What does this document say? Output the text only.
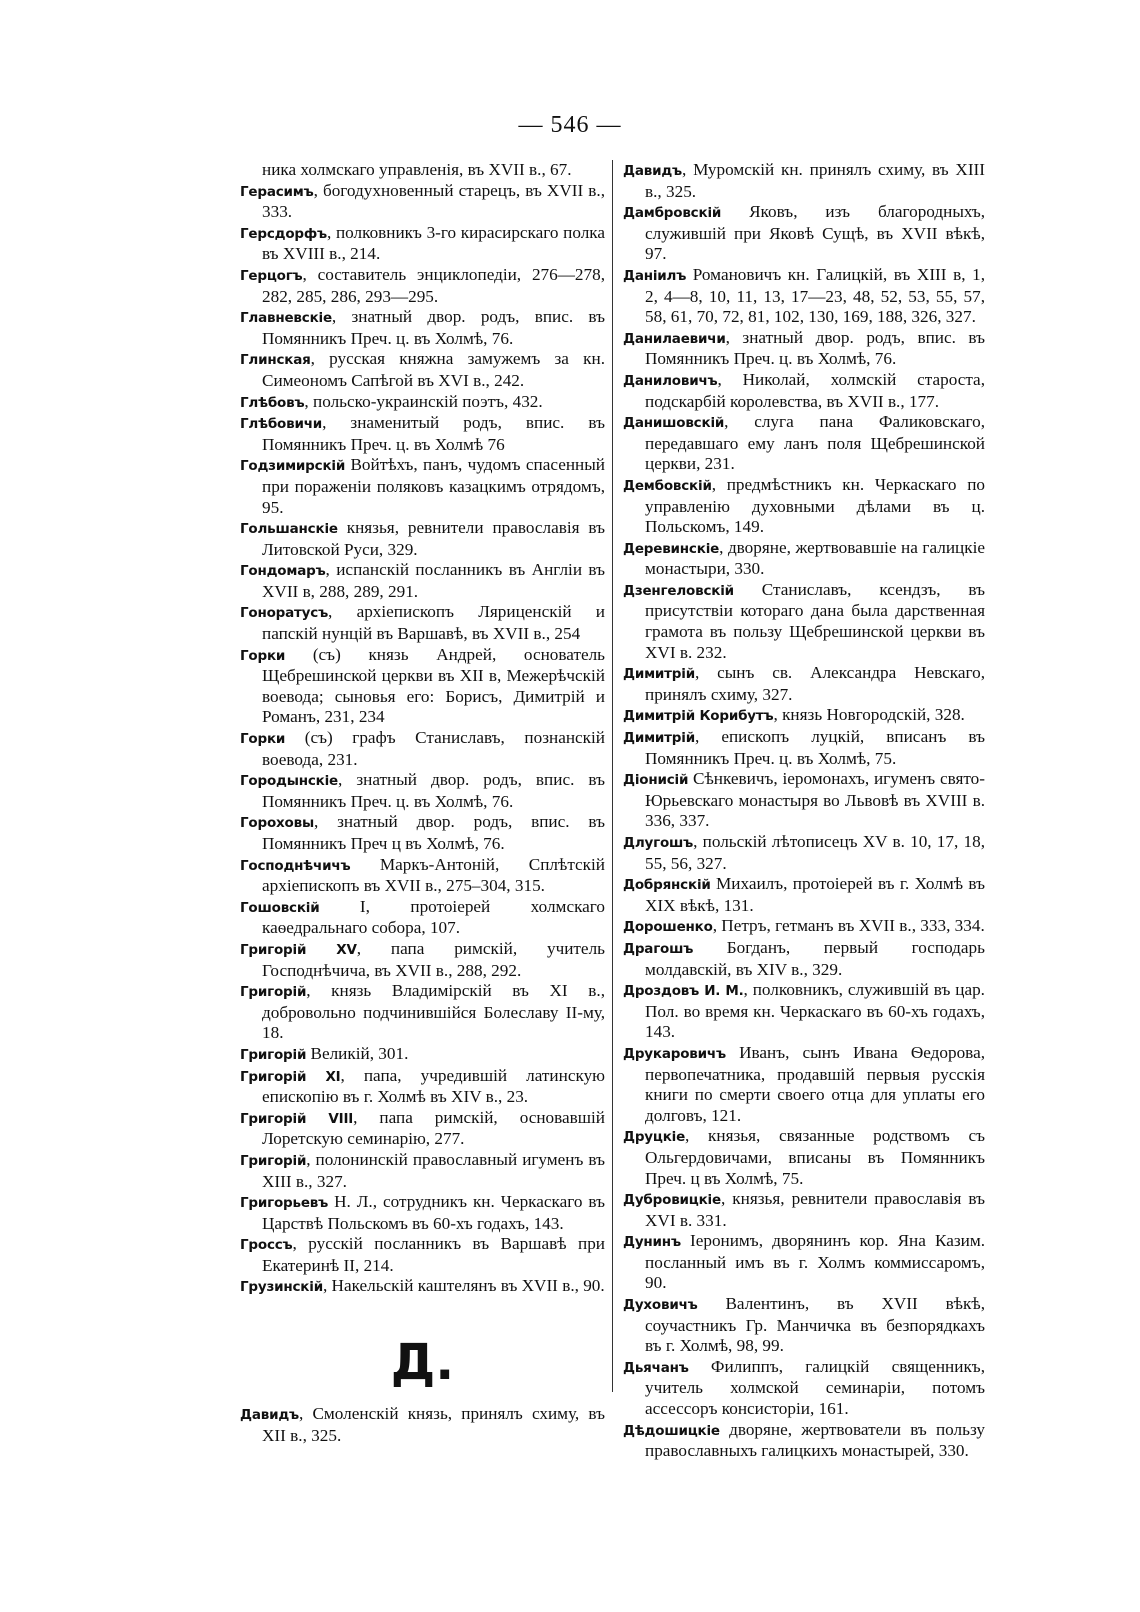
— 546 —

ника холмскаго управленія, въ XVII в., 67.

Герасимъ, богодухновенный старецъ, въ XVII в., 333.

Герсдорфъ, полковникъ 3-го кирасирскаго полка въ XVIII в., 214.

Герцогъ, составитель энциклопедіи, 276—278, 282, 285, 286, 293—295.

Главневскіе, знатный двор. родъ, впис. въ Помянникъ Преч. ц. въ Холмѣ, 76.

Глинская, русская княжна замужемъ за кн. Симеономъ Сапѣгой въ XVI в., 242.

Глѣбовъ, польско-украинскій поэтъ, 432.

Глѣбовичи, знаменитый родъ, впис. въ Помянникъ Преч. ц. въ Холмѣ 76

Годзимирскій Войтѣхъ, панъ, чудомъ спасенный при пораженіи поляковъ казацкимъ отрядомъ, 95.

Гольшанскіе князья, ревнители православія въ Литовской Руси, 329.

Гондомаръ, испанскій посланникъ въ Англіи въ XVII в, 288, 289, 291.

Гоноратусъ, архіепископъ Ляриценскій и папскій нунцій въ Варшавѣ, въ XVII в., 254

Горки (съ) князь Андрей, основатель Щебрешинской церкви въ XII в, Межерѣчскій воевода; сыновья его: Борисъ, Димитрій и Романъ, 231, 234

Горки (съ) графъ Станиславъ, познанскій воевода, 231.

Городынскіе, знатный двор. родъ, впис. въ Помянникъ Преч. ц. въ Холмѣ, 76.

Гороховы, знатный двор. родъ, впис. въ Помянникъ Преч ц въ Холмѣ, 76.

Господнѣчичъ Маркъ-Антоній, Сплѣтскій архіепископъ въ XVII в., 275–304, 315.

Гошовскій I, протоіерей холмскаго каѳедральнаго собора, 107.

Григорій XV, папа римскій, учитель Господнѣчича, въ XVII в., 288, 292.

Григорій, князь Владимірскій въ XI в., добровольно подчинившійся Болеславу II-му, 18.

Григорій Великій, 301.

Григорій XI, папа, учредившій латинскую епископію въ г. Холмѣ въ XIV в., 23.

Григорій VIII, папа римскій, основавшій Лоретскую семинарію, 277.

Григорій, полонинскій православный игуменъ въ XIII в., 327.

Григорьевъ Н. Л., сотрудникъ кн. Черкаскаго въ Царствѣ Польскомъ въ 60-хъ годахъ, 143.

Гроссъ, русскій посланникъ въ Варшавѣ при Екатеринѣ II, 214.

Грузинскій, Накельскій каштелянъ въ XVII в., 90.

Д.

Давидъ, Смоленскій князь, принялъ схиму, въ XII в., 325.

Давидъ, Муромскій кн. принялъ схиму, въ XIII в., 325.

Дамбровскій Яковъ, изъ благородныхъ, служившій при Яковѣ Сущѣ, въ XVII вѣкѣ, 97.

Даніилъ Романовичъ кн. Галицкій, въ XIII в, 1, 2, 4—8, 10, 11, 13, 17—23, 48, 52, 53, 55, 57, 58, 61, 70, 72, 81, 102, 130, 169, 188, 326, 327.

Данилаевичи, знатный двор. родъ, впис. въ Помянникъ Преч. ц. въ Холмѣ, 76.

Даниловичъ, Николай, холмскій староста, подскарбій королевства, въ XVII в., 177.

Данишовскій, слуга пана Фаликовскаго, передавшаго ему ланъ поля Щебрешинской церкви, 231.

Дембовскій, предмѣстникъ кн. Черкаскаго по управленію духовными дѣлами въ ц. Польскомъ, 149.

Деревинскіе, дворяне, жертвовавшіе на галицкіе монастыри, 330.

Дзенгеловскій Станиславъ, ксендзъ, въ присутствіи котораго дана была дарственная грамота въ пользу Щебрешинской церкви въ XVI в. 232.

Димитрій, сынъ св. Александра Невскаго, принялъ схиму, 327.

Димитрій Корибутъ, князь Новгородскій, 328.

Димитрій, епископъ луцкій, вписанъ въ Помянникъ Преч. ц. въ Холмѣ, 75.

Діонисій Сѣнкевичъ, іеромонахъ, игуменъ свято-Юрьевскаго монастыря во Львовѣ въ XVIII в. 336, 337.

Длугошъ, польскій лѣтописецъ XV в. 10, 17, 18, 55, 56, 327.

Добрянскій Михаилъ, протоіерей въ г. Холмѣ въ XIX вѣкѣ, 131.

Дорошенко, Петръ, гетманъ въ XVII в., 333, 334.

Драгошъ Богданъ, первый господарь молдавскій, въ XIV в., 329.

Дроздовъ И. М., полковникъ, служившій въ цар. Пол. во время кн. Черкаскаго въ 60-хъ годахъ, 143.

Друкаровичъ Иванъ, сынъ Ивана Ѳедорова, первопечатника, продавшій первыя русскія книги по смерти своего отца для уплаты его долговъ, 121.

Друцкіе, князья, связанные родствомъ съ Ольгердовичами, вписаны въ Помянникъ Преч. ц въ Холмѣ, 75.

Дубровицкіе, князья, ревнители православія въ XVI в. 331.

Дунинъ Іеронимъ, дворянинъ кор. Яна Казим. посланный имъ въ г. Холмъ коммиссаромъ, 90.

Духовичъ Валентинъ, въ XVII вѣкѣ, соучастникъ Гр. Манчичка въ безпорядкахъ въ г. Холмѣ, 98, 99.

Дьячанъ Филиппъ, галицкій священникъ, учитель холмской семинаріи, потомъ ассессоръ консисторіи, 161.

Дѣдошицкіе дворяне, жертвователи въ пользу православныхъ галицкихъ монастырей, 330.
